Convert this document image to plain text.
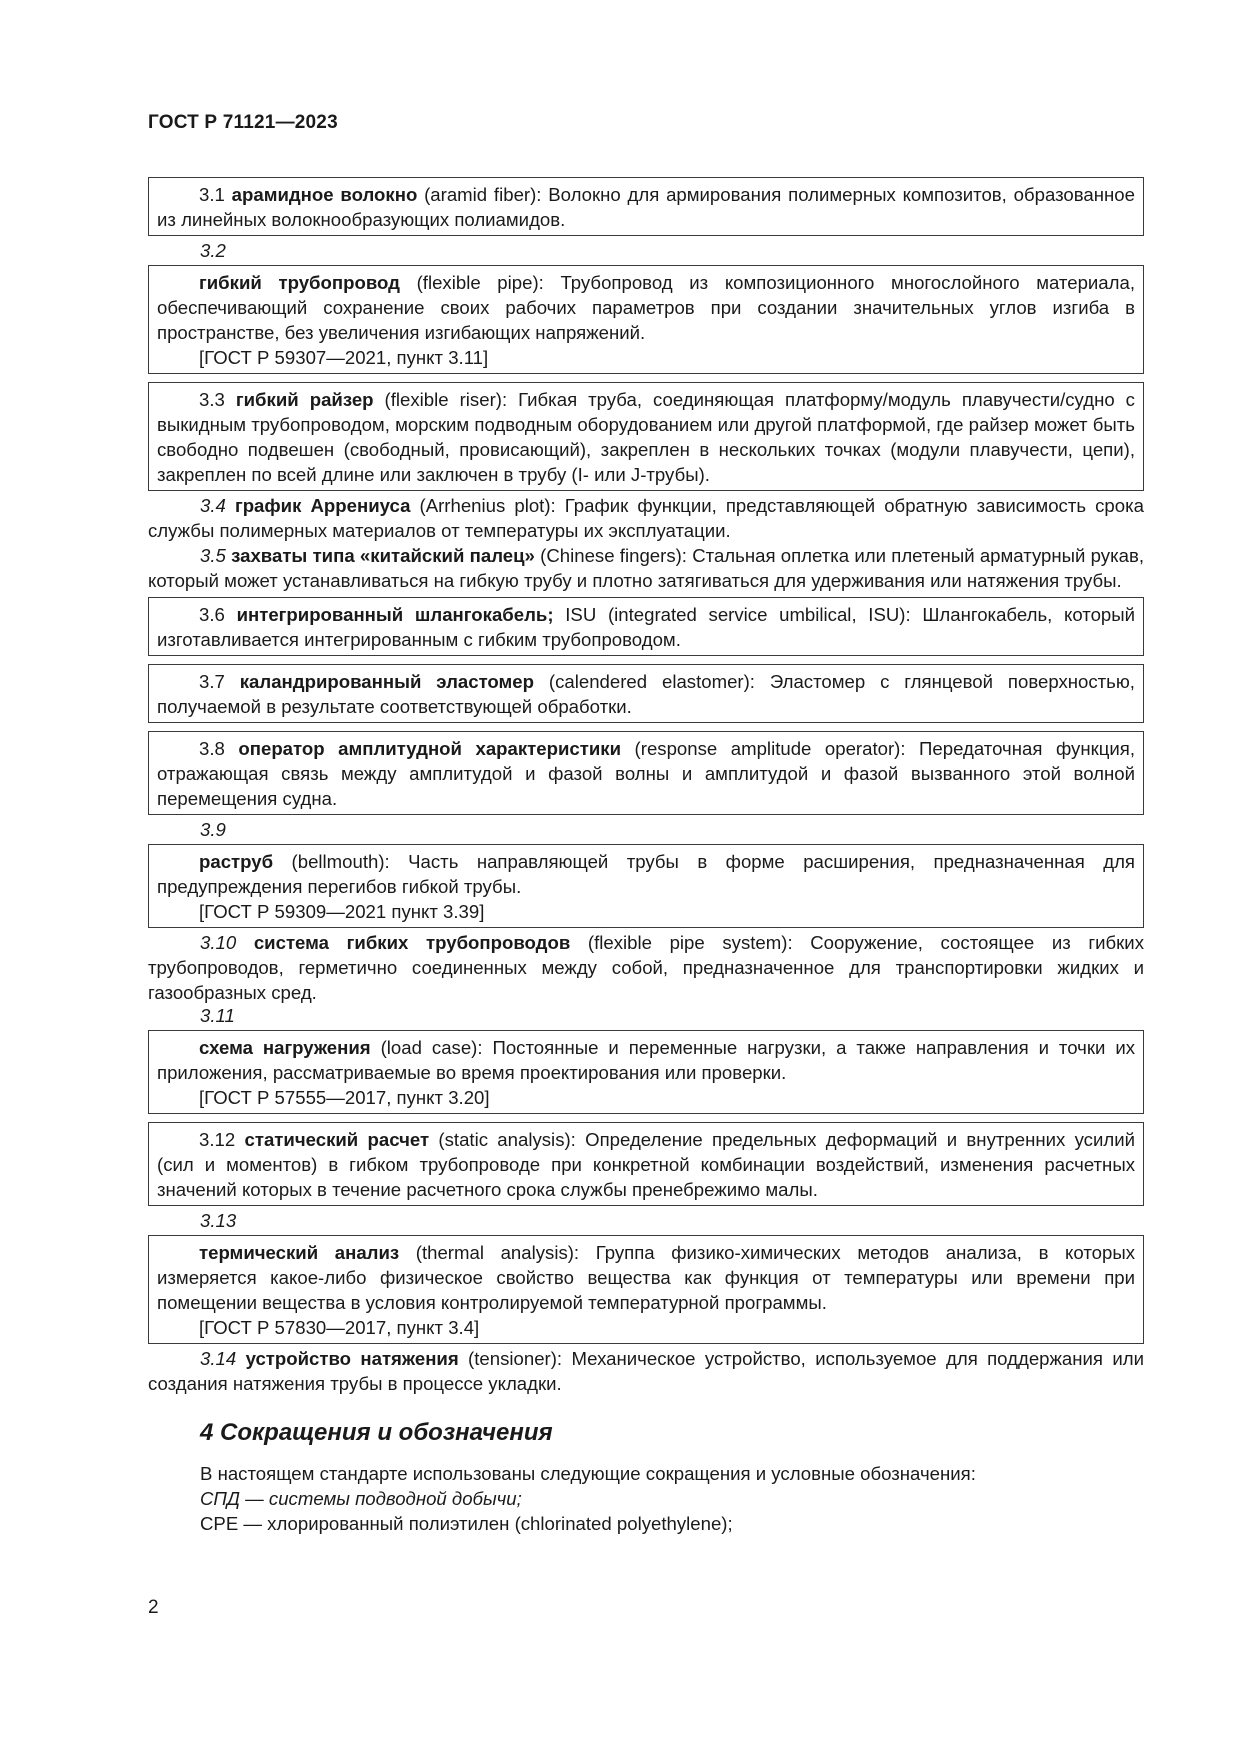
ГОСТ Р 71121—2023

3.1 арамидное волокно (aramid fiber): Волокно для армирования полимерных композитов, образованное из линейных волокнообразующих полиамидов.

3.2

гибкий трубопровод (flexible pipe): Трубопровод из композиционного многослойного материала, обеспечивающий сохранение своих рабочих параметров при создании значительных углов изгиба в пространстве, без увеличения изгибающих напряжений.

[ГОСТ Р 59307—2021, пункт 3.11]

3.3 гибкий райзер (flexible riser): Гибкая труба, соединяющая платформу/модуль плавучести/судно с выкидным трубопроводом, морским подводным оборудованием или другой платформой, где райзер может быть свободно подвешен (свободный, провисающий), закреплен в нескольких точках (модули плавучести, цепи), закреплен по всей длине или заключен в трубу (I- или J-трубы).

3.4 график Аррениуса (Arrhenius plot): График функции, представляющей обратную зависимость срока службы полимерных материалов от температуры их эксплуатации.

3.5 захваты типа «китайский палец» (Chinese fingers): Стальная оплетка или плетеный арматурный рукав, который может устанавливаться на гибкую трубу и плотно затягиваться для удерживания или натяжения трубы.

3.6 интегрированный шлангокабель; ISU (integrated service umbilical, ISU): Шлангокабель, который изготавливается интегрированным с гибким трубопроводом.

3.7 каландрированный эластомер (calendered elastomer): Эластомер с глянцевой поверхностью, получаемой в результате соответствующей обработки.

3.8 оператор амплитудной характеристики (response amplitude operator): Передаточная функция, отражающая связь между амплитудой и фазой волны и амплитудой и фазой вызванного этой волной перемещения судна.

3.9

раструб (bellmouth): Часть направляющей трубы в форме расширения, предназначенная для предупреждения перегибов гибкой трубы.

[ГОСТ Р 59309—2021 пункт 3.39]

3.10 система гибких трубопроводов (flexible pipe system): Сооружение, состоящее из гибких трубопроводов, герметично соединенных между собой, предназначенное для транспортировки жидких и газообразных сред.

3.11

схема нагружения (load case): Постоянные и переменные нагрузки, а также направления и точки их приложения, рассматриваемые во время проектирования или проверки.

[ГОСТ Р 57555—2017, пункт 3.20]

3.12 статический расчет (static analysis): Определение предельных деформаций и внутренних усилий (сил и моментов) в гибком трубопроводе при конкретной комбинации воздействий, изменения расчетных значений которых в течение расчетного срока службы пренебрежимо малы.

3.13

термический анализ (thermal analysis): Группа физико-химических методов анализа, в которых измеряется какое-либо физическое свойство вещества как функция от температуры или времени при помещении вещества в условия контролируемой температурной программы.

[ГОСТ Р 57830—2017, пункт 3.4]

3.14 устройство натяжения (tensioner): Механическое устройство, используемое для поддержания или создания натяжения трубы в процессе укладки.

4 Сокращения и обозначения

В настоящем стандарте использованы следующие сокращения и условные обозначения:

СПД — системы подводной добычи;

CPE — хлорированный полиэтилен (chlorinated polyethylene);

2
